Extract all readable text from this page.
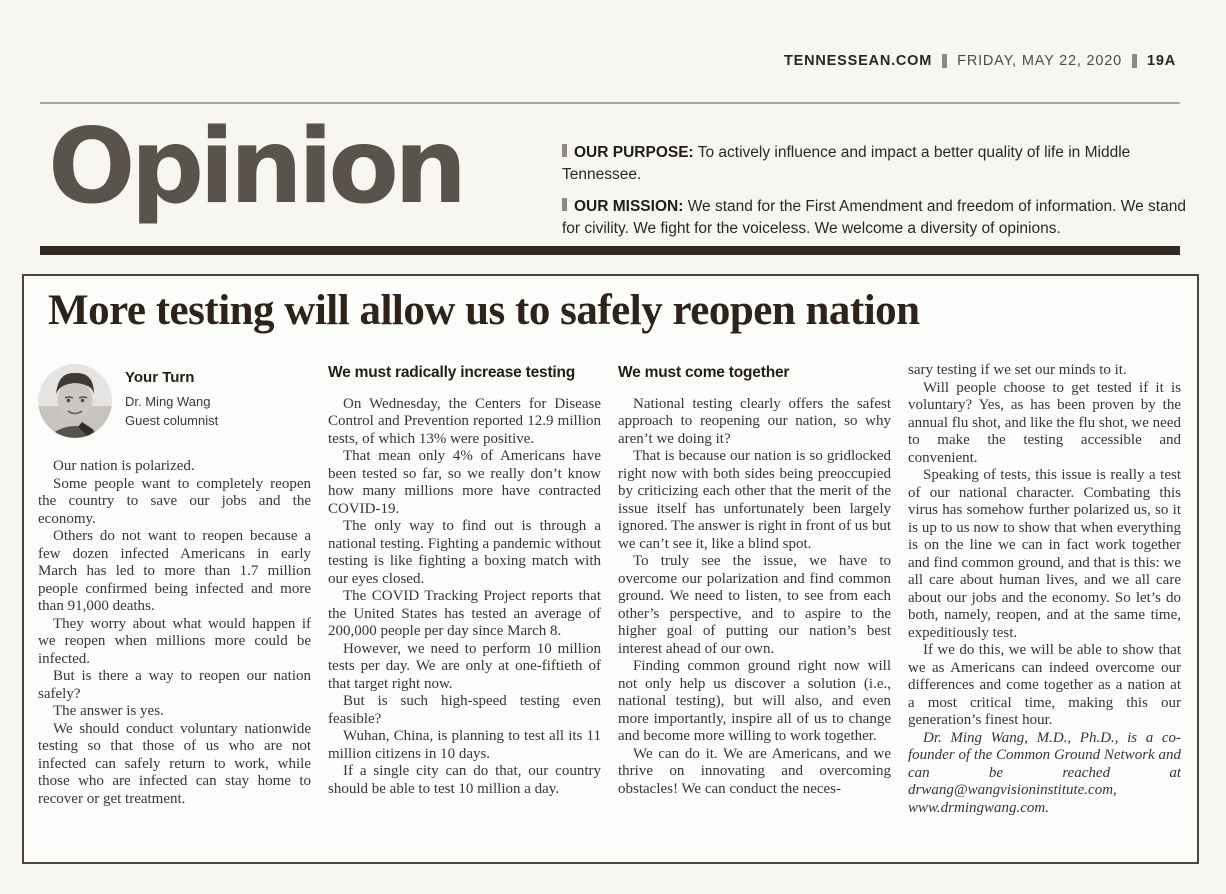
TENNESSEAN.COM FRIDAY, MAY 22, 2020 19A
Opinion	OUR PURPOSE: To actively influence and impact a better quality of life in Middle Tennessee.

OUR MISSION: We stand for the First Amendment and freedom of information. We stand for civility. We fight for the voiceless. We welcome a diversity of opinions.

More testing will allow us to safely reopen nation
Your Turn
Dr. Ming Wang
Guest columnist

Our nation is polarized.

Some people want to completely reopen the country to save our jobs and the economy.

Others do not want to reopen because a few dozen infected Americans in early March has led to more than 1.7 million people confirmed being infected and more than 91,000 deaths.

They worry about what would happen if we reopen when millions more could be infected.

But is there a way to reopen our nation safely?

The answer is yes.

We should conduct voluntary nationwide testing so that those of us who are not infected can safely return to work, while those who are infected can stay home to recover or get treatment.

We must radically increase testing

On Wednesday, the Centers for Disease Control and Prevention reported 12.9 million tests, of which 13% were positive.

That mean only 4% of Americans have been tested so far, so we really don’t know how many millions more have contracted COVID-19.

The only way to find out is through a national testing. Fighting a pandemic without testing is like fighting a boxing match with our eyes closed.

The COVID Tracking Project reports that the United States has tested an average of 200,000 people per day since March 8.

However, we need to perform 10 million tests per day. We are only at one-fiftieth of that target right now.

But is such high-speed testing even feasible?

Wuhan, China, is planning to test all its 11 million citizens in 10 days.

If a single city can do that, our country should be able to test 10 million a day.

We must come together

National testing clearly offers the safest approach to reopening our nation, so why aren’t we doing it?

That is because our nation is so gridlocked right now with both sides being preoccupied by criticizing each other that the merit of the issue itself has unfortunately been largely ignored. The answer is right in front of us but we can’t see it, like a blind spot.

To truly see the issue, we have to overcome our polarization and find common ground. We need to listen, to see from each other’s perspective, and to aspire to the higher goal of putting our nation’s best interest ahead of our own.

Finding common ground right now will not only help us discover a solution (i.e., national testing), but will also, and even more importantly, inspire all of us to change and become more willing to work together.

We can do it. We are Americans, and we thrive on innovating and overcoming obstacles! We can conduct the neces-

sary testing if we set our minds to it.

Will people choose to get tested if it is voluntary? Yes, as has been proven by the annual flu shot, and like the flu shot, we need to make the testing accessible and convenient.

Speaking of tests, this issue is really a test of our national character. Combating this virus has somehow further polarized us, so it is up to us now to show that when everything is on the line we can in fact work together and find common ground, and that is this: we all care about human lives, and we all care about our jobs and the economy. So let’s do both, namely, reopen, and at the same time, expeditiously test.

If we do this, we will be able to show that we as Americans can indeed overcome our differences and come together as a nation at a most critical time, making this our generation’s finest hour.

Dr. Ming Wang, M.D., Ph.D., is a co-founder of the Common Ground Network and can be reached at drwang@wangvisioninstitute.com, www.drmingwang.com.
